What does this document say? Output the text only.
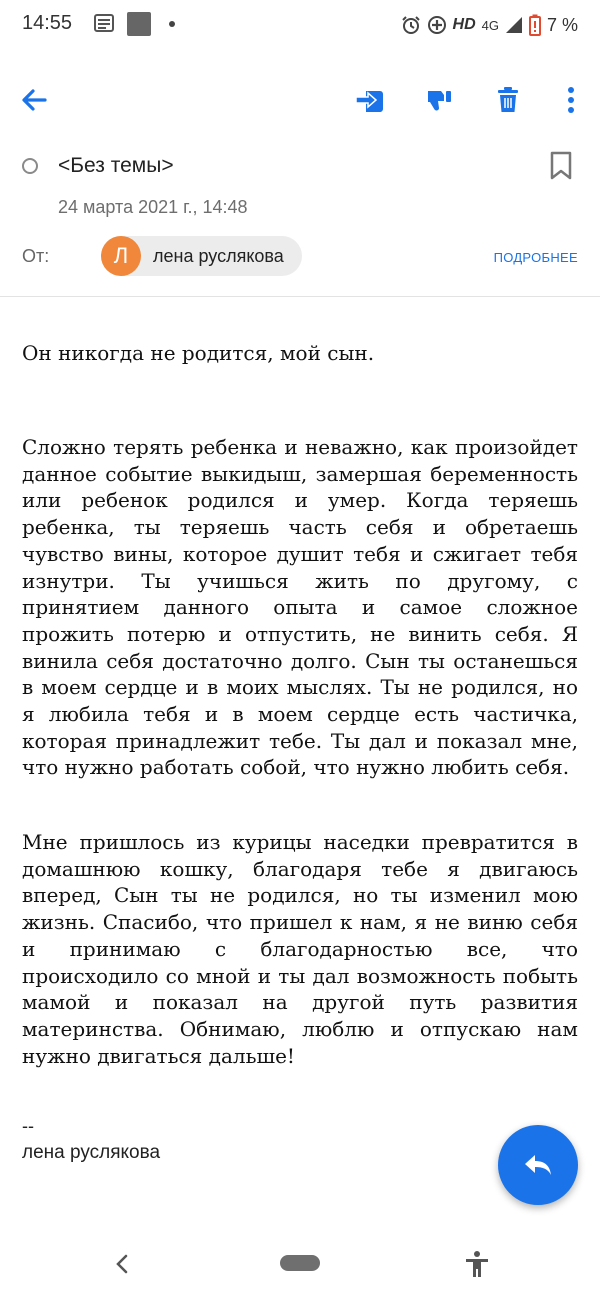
14:55	HD 4G	7 %
<Без темы>
24 марта 2021 г., 14:48
От:	Л	лена руслякова	ПОДРОБНЕЕ
Он никогда не родится, мой сын.
Сложно терять ребенка и неважно, как произойдет данное событие выкидыш, замершая беременность или ребенок родился и умер. Когда теряешь ребенка, ты теряешь часть себя и обретаешь чувство вины, которое душит тебя и сжигает тебя изнутри. Ты учишься жить по другому, с принятием данного опыта и самое сложное прожить потерю и отпустить, не винить себя. Я винила себя достаточно долго. Сын ты останешься в моем сердце и в моих мыслях. Ты не родился, но я любила тебя и в моем сердце есть частичка, которая принадлежит тебе. Ты дал и показал мне, что нужно работать собой, что нужно любить себя.
Мне пришлось из курицы наседки превратится в домашнюю кошку, благодаря тебе я двигаюсь вперед, Сын ты не родился, но ты изменил мою жизнь. Спасибо, что пришел к нам, я не виню себя и принимаю с благодарностью все, что происходило со мной и ты дал возможность побыть мамой и показал на другой путь развития материнства. Обнимаю, люблю и отпускаю нам нужно двигаться дальше!
--
лена руслякова
